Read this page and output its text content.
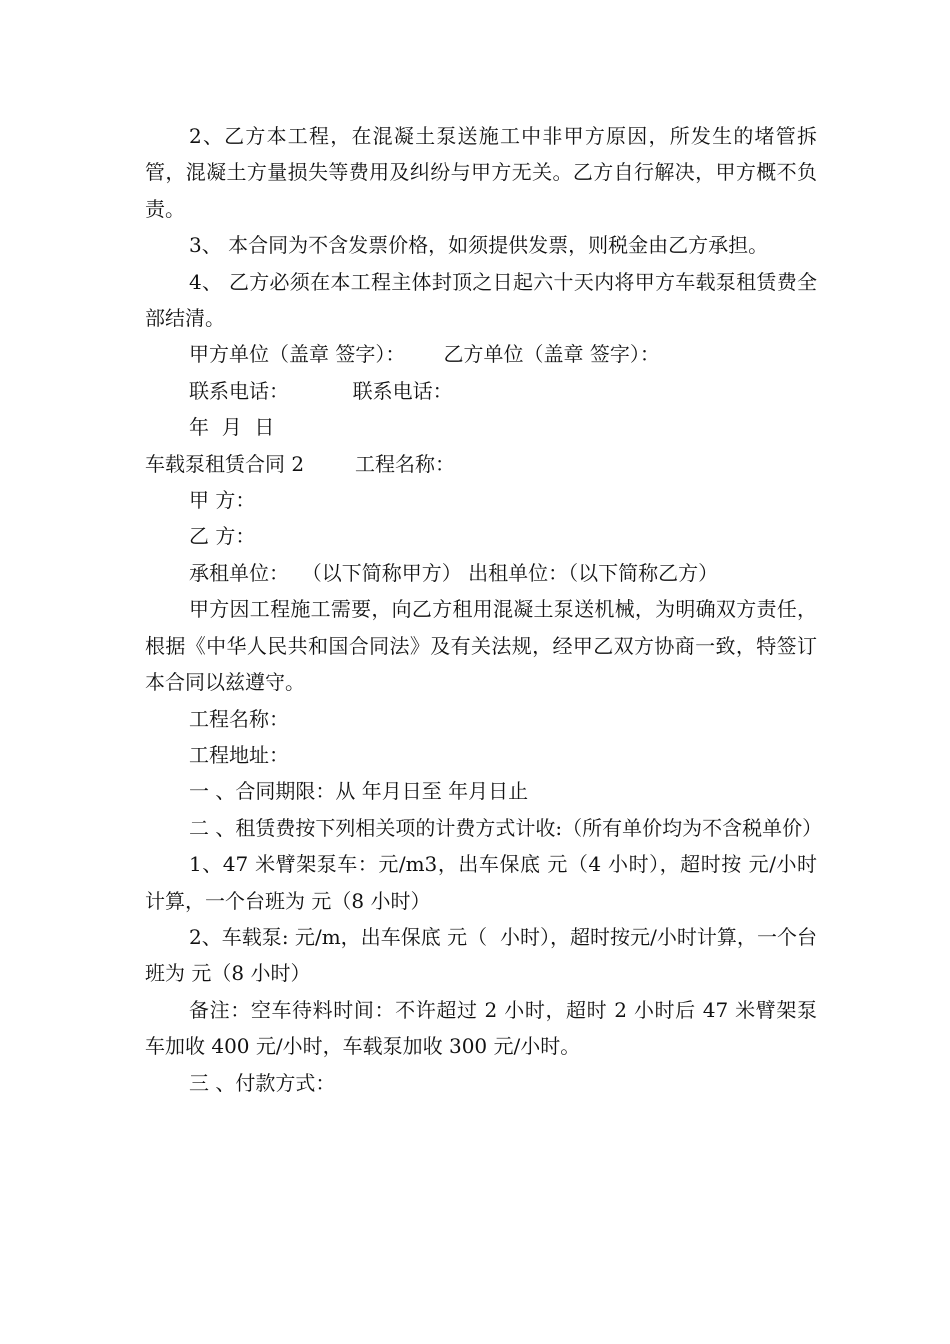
2、乙方本工程，在混凝土泵送施工中非甲方原因，所发生的堵管拆管，混凝土方量损失等费用及纠纷与甲方无关。乙方自行解决，甲方概不负责。

3、 本合同为不含发票价格，如须提供发票，则税金由乙方承担。

4、 乙方必须在本工程主体封顶之日起六十天内将甲方车载泵租赁费全部结清。

甲方单位（盖章 签字）：      乙方单位（盖章 签字）：

联系电话：          联系电话：

年  月  日

车载泵租赁合同 2        工程名称：

甲 方：

乙 方：

承租单位：  （以下简称甲方） 出租单位：（以下简称乙方）

甲方因工程施工需要，向乙方租用混凝土泵送机械，为明确双方责任，根据《中华人民共和国合同法》及有关法规，经甲乙双方协商一致，特签订本合同以兹遵守。

工程名称：

工程地址：

一 、合同期限：从 年月日至 年月日止

二 、租赁费按下列相关项的计费方式计收:（所有单价均为不含税单价）

1、47 米臂架泵车：元/m3，出车保底 元（4 小时），超时按 元/小时计算，一个台班为 元（8 小时）

2、车载泵: 元/m，出车保底 元（  小时），超时按元/小时计算，一个台班为 元（8 小时）

备注：空车待料时间：不许超过 2 小时，超时 2 小时后 47 米臂架泵车加收 400 元/小时，车载泵加收 300 元/小时。

三 、付款方式：
